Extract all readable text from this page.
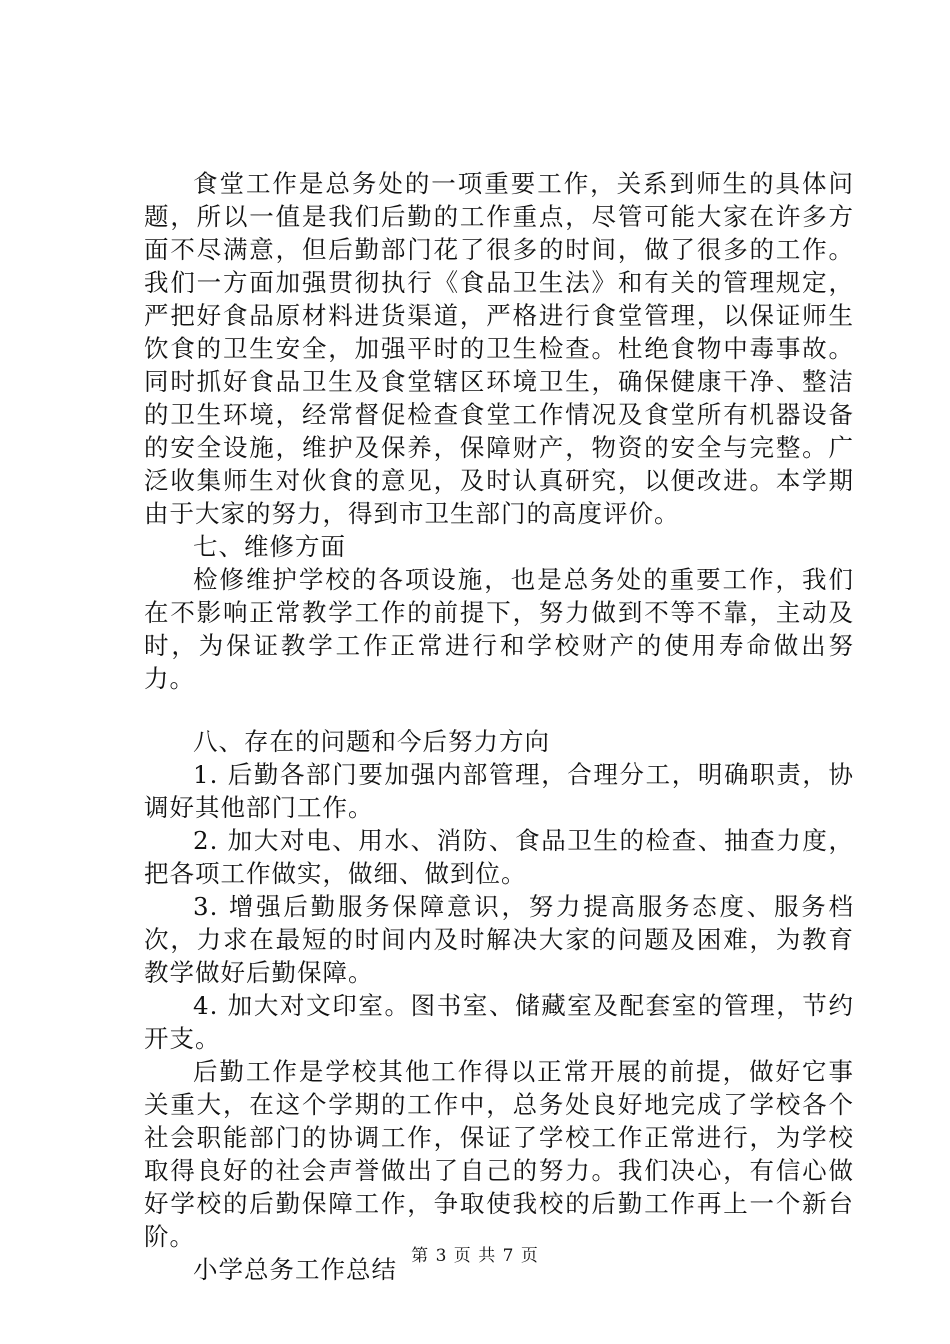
食堂工作是总务处的一项重要工作，关系到师生的具体问题，所以一值是我们后勤的工作重点，尽管可能大家在许多方面不尽满意，但后勤部门花了很多的时间，做了很多的工作。我们一方面加强贯彻执行《食品卫生法》和有关的管理规定，严把好食品原材料进货渠道，严格进行食堂管理，以保证师生饮食的卫生安全，加强平时的卫生检查。杜绝食物中毒事故。同时抓好食品卫生及食堂辖区环境卫生，确保健康干净、整洁的卫生环境，经常督促检查食堂工作情况及食堂所有机器设备的安全设施，维护及保养，保障财产，物资的安全与完整。广泛收集师生对伙食的意见，及时认真研究，以便改进。本学期由于大家的努力，得到市卫生部门的高度评价。

七、维修方面

检修维护学校的各项设施，也是总务处的重要工作，我们在不影响正常教学工作的前提下，努力做到不等不靠，主动及时，为保证教学工作正常进行和学校财产的使用寿命做出努力。

八、存在的问题和今后努力方向

1. 后勤各部门要加强内部管理，合理分工，明确职责，协调好其他部门工作。

2. 加大对电、用水、消防、食品卫生的检查、抽查力度，把各项工作做实，做细、做到位。

3. 增强后勤服务保障意识，努力提高服务态度、服务档次，力求在最短的时间内及时解决大家的问题及困难，为教育教学做好后勤保障。

4. 加大对文印室。图书室、储藏室及配套室的管理，节约开支。

后勤工作是学校其他工作得以正常开展的前提，做好它事关重大，在这个学期的工作中，总务处良好地完成了学校各个社会职能部门的协调工作，保证了学校工作正常进行，为学校取得良好的社会声誉做出了自己的努力。我们决心，有信心做好学校的后勤保障工作，争取使我校的后勤工作再上一个新台阶。

小学总务工作总结 第 3 页 共 7 页
